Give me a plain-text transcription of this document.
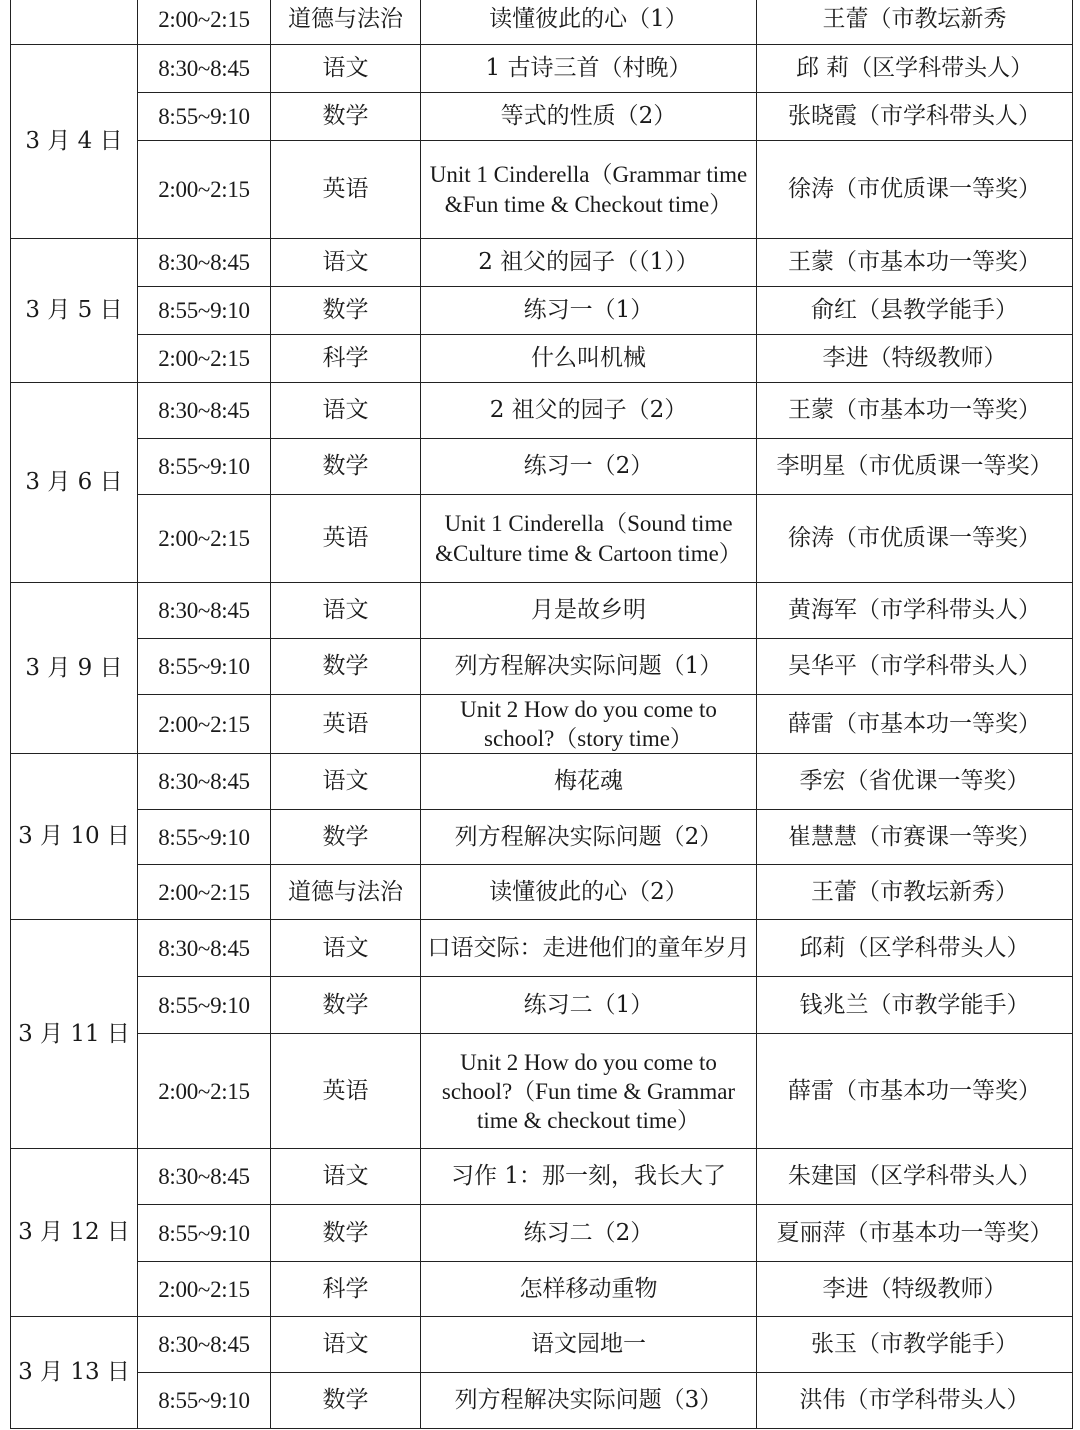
	2:00~2:15	道德与法治	读懂彼此的心（1）	王蕾（市教坛新秀
3 月 4 日	8:30~8:45	语文	1 古诗三首（村晚）	邱 莉（区学科带头人）
	8:55~9:10	数学	等式的性质（2）	张晓霞（市学科带头人）
	2:00~2:15	英语	Unit 1 Cinderella（Grammar time &Fun time & Checkout time）	徐涛（市优质课一等奖）
3 月 5 日	8:30~8:45	语文	2 祖父的园子（（1））	王蒙（市基本功一等奖）
	8:55~9:10	数学	练习一（1）	俞红（县教学能手）
	2:00~2:15	科学	什么叫机械	李进（特级教师）
3 月 6 日	8:30~8:45	语文	2 祖父的园子（2）	王蒙（市基本功一等奖）
	8:55~9:10	数学	练习一（2）	李明星（市优质课一等奖）
	2:00~2:15	英语	Unit 1 Cinderella（Sound time &Culture time & Cartoon time）	徐涛（市优质课一等奖）
3 月 9 日	8:30~8:45	语文	月是故乡明	黄海军（市学科带头人）
	8:55~9:10	数学	列方程解决实际问题（1）	吴华平（市学科带头人）
	2:00~2:15	英语	Unit 2 How do you come to school?（story time）	薛雷（市基本功一等奖）
3 月 10 日	8:30~8:45	语文	梅花魂	季宏（省优课一等奖）
	8:55~9:10	数学	列方程解决实际问题（2）	崔慧慧（市赛课一等奖）
	2:00~2:15	道德与法治	读懂彼此的心（2）	王蕾（市教坛新秀）
3 月 11 日	8:30~8:45	语文	口语交际：走进他们的童年岁月	邱莉（区学科带头人）
	8:55~9:10	数学	练习二（1）	钱兆兰（市教学能手）
	2:00~2:15	英语	Unit 2 How do you come to school?（Fun time & Grammar time & checkout time）	薛雷（市基本功一等奖）
3 月 12 日	8:30~8:45	语文	习作 1：那一刻，我长大了	朱建国（区学科带头人）
	8:55~9:10	数学	练习二（2）	夏丽萍（市基本功一等奖）
	2:00~2:15	科学	怎样移动重物	李进（特级教师）
3 月 13 日	8:30~8:45	语文	语文园地一	张玉（市教学能手）
	8:55~9:10	数学	列方程解决实际问题（3）	洪伟（市学科带头人）
